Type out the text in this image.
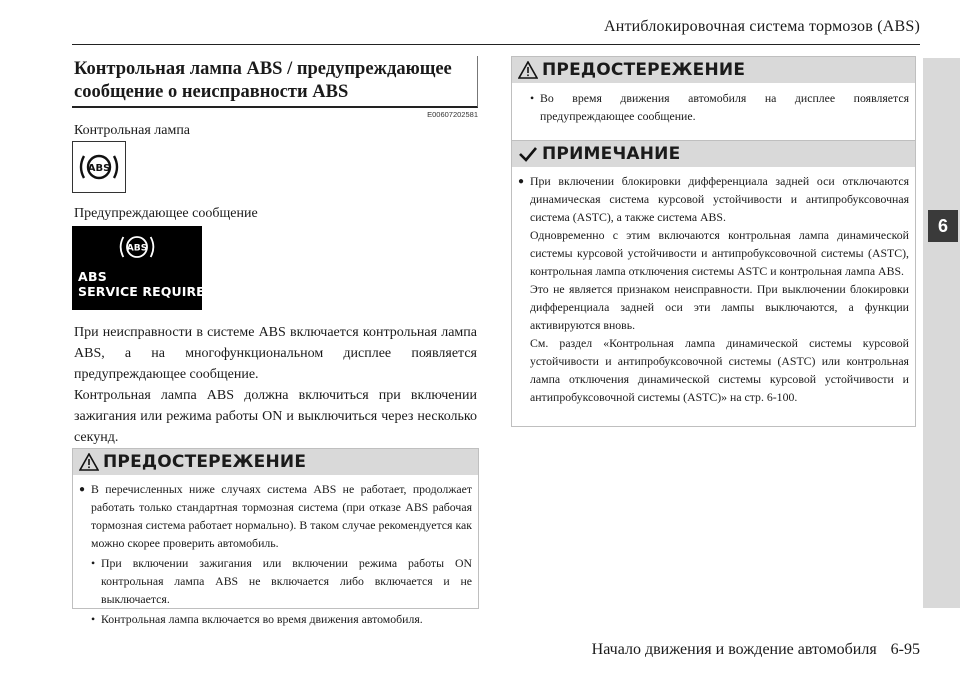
Антиблокировочная система тормозов (ABS)
6
Контрольная лампа ABS / предупреждающее
сообщение о неисправности ABS
E00607202581
Контрольная лампа
ABS
Предупреждающее сообщение
ABS
ABS
SERVICE REQUIRED

При неисправности в системе ABS включается контрольная лампа ABS, а на многофункциональном дисплее появляется предупреждающее сообщение.

Контрольная лампа ABS должна включиться при включении зажигания или режима работы ON и выключиться через несколько секунд.

ПРЕДОСТЕРЕЖЕНИЕ
● В перечисленных ниже случаях система ABS не работает, продолжает работать только стандартная тормозная система (при отказе ABS рабочая тормозная система работает нормально). В таком случае рекомендуется как можно скорее проверить автомобиль.
• При включении зажигания или включении режима работы ON контрольная лампа ABS не включается либо включается и не выключается.
• Контрольная лампа включается во время движения автомобиля.
ПРЕДОСТЕРЕЖЕНИЕ
• Во время движения автомобиля на дисплее появляется предупреждающее сообщение.
ПРИМЕЧАНИЕ
● При включении блокировки дифференциала задней оси отключаются динамическая система курсовой устойчивости и антипробуксовочная система (ASTC), а также система ABS.

Одновременно с этим включаются контрольная лампа динамической системы курсовой устойчивости и антипробуксовочной системы (ASTC), контрольная лампа отключения системы ASTC и контрольная лампа ABS.

Это не является признаком неисправности. При выключении блокировки дифференциала задней оси эти лампы выключаются, а функции активируются вновь.

См. раздел «Контрольная лампа динамической системы курсовой устойчивости и антипробуксовочной системы (ASTC) или контрольная лампа отключения динамической системы курсовой устойчивости и антипробуксовочной системы (ASTC)» на стр. 6-100.

Начало движения и вождение автомобиля 6-95
